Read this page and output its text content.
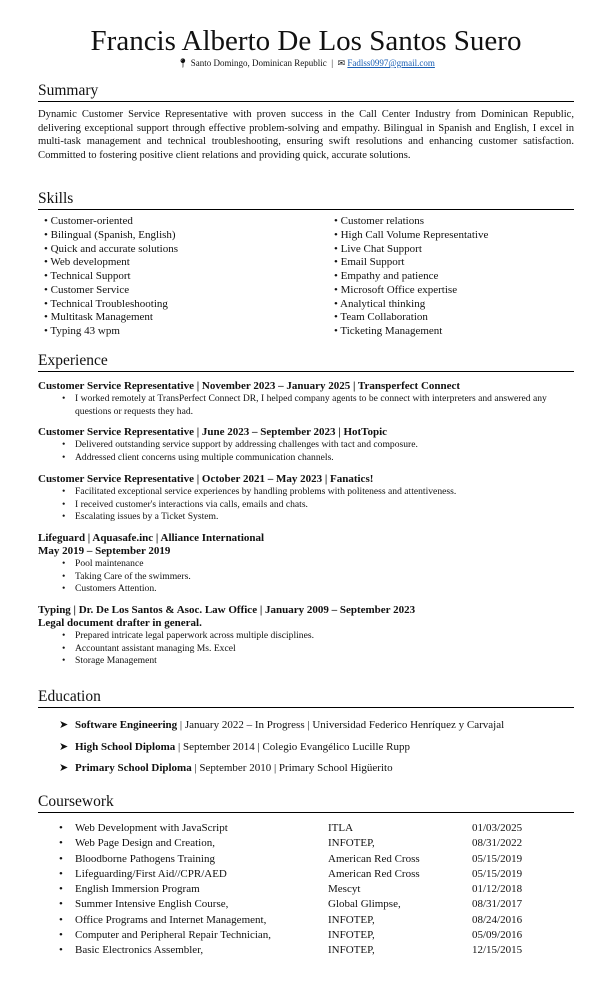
Francis Alberto De Los Santos Suero
📍︎ Santo Domingo, Dominican Republic  |  ✉ Fadlss0997@gmail.com
Summary
Dynamic Customer Service Representative with proven success in the Call Center Industry from Dominican Republic, delivering exceptional support through effective problem-solving and empathy. Bilingual in Spanish and English, I excel in multi-task management and technical troubleshooting, ensuring swift resolutions and enhancing customer satisfaction. Committed to fostering positive client relations and providing quick, accurate solutions.
Skills
• Customer-oriented	• Customer relations
• Bilingual (Spanish, English)	• High Call Volume Representative
• Quick and accurate solutions	• Live Chat Support
• Web development	• Email Support
• Technical Support	• Empathy and patience
• Customer Service	• Microsoft Office expertise
• Technical Troubleshooting	• Analytical thinking
• Multitask Management	• Team Collaboration
• Typing 43 wpm	• Ticketing Management
Experience
Customer Service Representative | November 2023 – January 2025 | Transperfect Connect
• I worked remotely at TransPerfect Connect DR, I helped company agents to be connect with interpreters and answered any questions or requests they had.
Customer Service Representative | June 2023 – September 2023 | HotTopic
• Delivered outstanding service support by addressing challenges with tact and composure.
• Addressed client concerns using multiple communication channels.
Customer Service Representative | October 2021 – May 2023 | Fanatics!
• Facilitated exceptional service experiences by handling problems with politeness and attentiveness.
• I received customer's interactions via calls, emails and chats.
• Escalating issues by a Ticket System.
Lifeguard | Aquasafe.inc | Alliance International
May 2019 – September 2019
• Pool maintenance
• Taking Care of the swimmers.
• Customers Attention.
Typing | Dr. De Los Santos & Asoc. Law Office | January 2009 – September 2023
Legal document drafter in general.
• Prepared intricate legal paperwork across multiple disciplines.
• Accountant assistant managing Ms. Excel
• Storage Management
Education
➤ Software Engineering | January 2022 – In Progress | Universidad Federico Henríquez y Carvajal
➤ High School Diploma | September 2014 | Colegio Evangélico Lucille Rupp
➤ Primary School Diploma | September 2010 | Primary School Higüerito
Coursework
• Web Development with JavaScript	ITLA	01/03/2025
• Web Page Design and Creation,	INFOTEP,	08/31/2022
• Bloodborne Pathogens Training	American Red Cross	05/15/2019
• Lifeguarding/First Aid//CPR/AED	American Red Cross	05/15/2019
• English Immersion Program	Mescyt	01/12/2018
• Summer Intensive English Course,	Global Glimpse,	08/31/2017
• Office Programs and Internet Management,	INFOTEP,	08/24/2016
• Computer and Peripheral Repair Technician,	INFOTEP,	05/09/2016
• Basic Electronics Assembler,	INFOTEP,	12/15/2015
